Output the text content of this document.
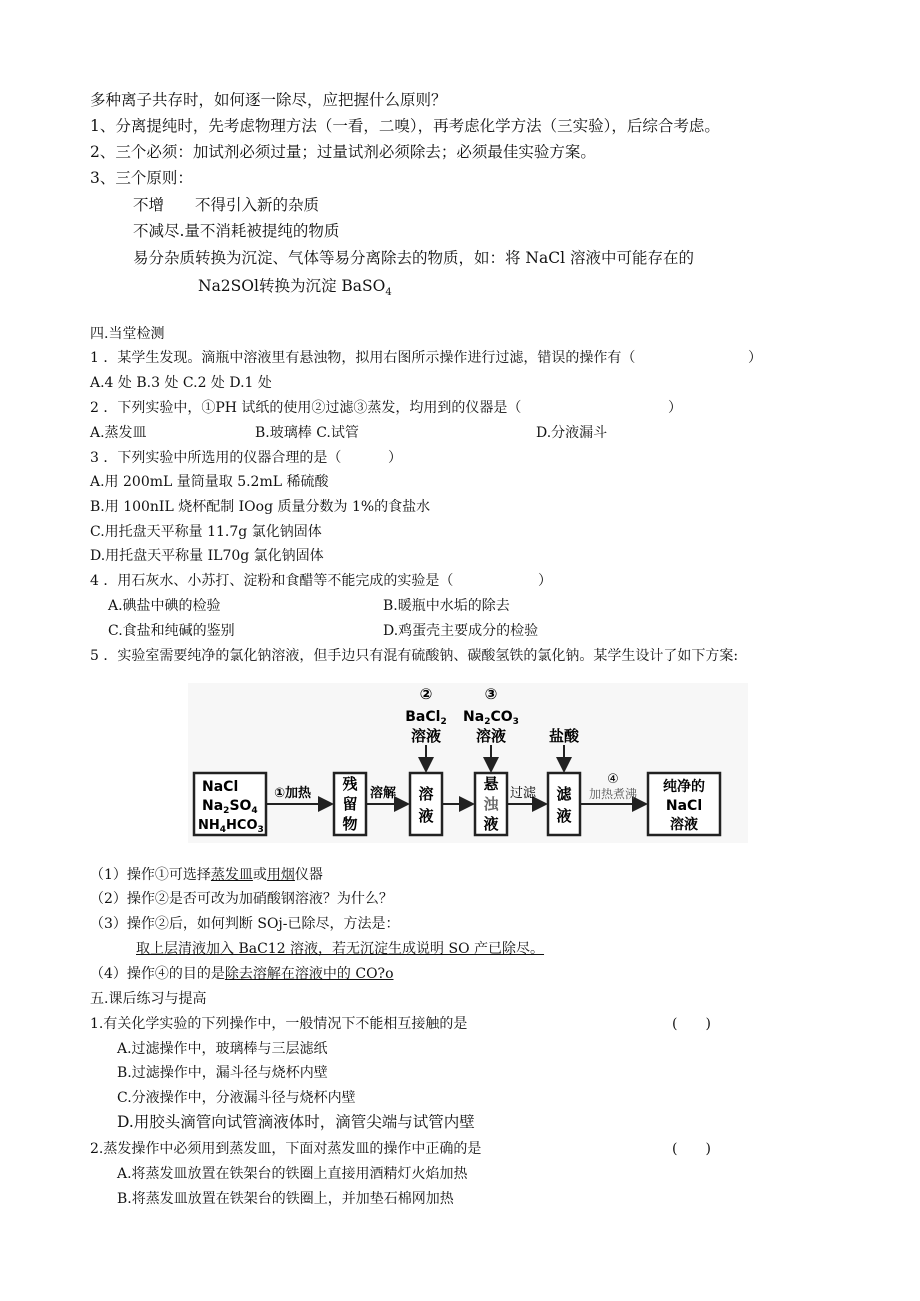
多种离子共存时，如何逐一除尽，应把握什么原则？
1、分离提纯时，先考虑物理方法（一看，二嗅），再考虑化学方法（三实验），后综合考虑。
2、三个必须：加试剂必须过量；过量试剂必须除去；必须最佳实验方案。
3、三个原则：
不增 不得引入新的杂质
不减尽.量不消耗被提纯的物质
易分杂质转换为沉淀、气体等易分离除去的物质，如：将 NaCl 溶液中可能存在的
Na2SOl转换为沉淀 BaSO$_4$
四.当堂检测
1 ．某学生发现。滴瓶中溶液里有悬浊物，拟用右图所示操作进行过滤，错误的操作有（	）
A.4 处 B.3 处 C.2 处 D.1 处
2 ．下列实验中，①PH 试纸的使用②过滤③蒸发，均用到的仪器是（	）
A.蒸发皿	B.玻璃棒 C.试管	D.分液漏斗
3 ．下列实验中所选用的仪器合理的是（	）
A.用 200mL 量筒量取 5.2mL 稀硫酸
B.用 100nIL 烧杯配制 IOog 质量分数为 1%的食盐水
C.用托盘天平称量 11.7g 氯化钠固体
D.用托盘天平称量 IL70g 氯化钠固体
4 ．用石灰水、小苏打、淀粉和食醋等不能完成的实验是（	）
A.碘盐中碘的检验	B.暖瓶中水垢的除去
C.食盐和纯碱的鉴别	D.鸡蛋壳主要成分的检验
5 ．实验室需要纯净的氯化钠溶液，但手边只有混有硫酸钠、碳酸氢铁的氯化钠。某学生设计了如下方案:
NaCl
$Na_2SO_4$
$NH_4HCO_3$
①加热
残
留
物
溶解 溶
液
②
BaCl$_2$
溶液
③
$Na_2CO_3$
溶液
悬
浊
液
过滤
盐酸
滤
液
④
加热煮沸 纯净的
NaCl
溶液
（1）操作①可选择蒸发皿或用烟仪器
（2）操作②是否可改为加硝酸钢溶液？为什么？
（3）操作②后，如何判断 SOj-已除尽，方法是：
取上层清液加入 BaC12 溶液，若无沉淀生成说明 SO 产已除尽。
（4）操作④的目的是除去溶解在溶液中的 CO?o
五.课后练习与提高
1.有关化学实验的下列操作中，一般情况下不能相互接触的是	(　　)
A.过滤操作中，玻璃棒与三层滤纸
B.过滤操作中，漏斗径与烧杯内壁
C.分液操作中，分液漏斗径与烧杯内壁
D.用胶头滴管向试管滴液体时，滴管尖端与试管内壁
2.蒸发操作中必须用到蒸发皿，下面对蒸发皿的操作中正确的是	(　　)
A.将蒸发皿放置在铁架台的铁圈上直接用酒精灯火焰加热
B.将蒸发皿放置在铁架台的铁圈上，并加垫石棉网加热
